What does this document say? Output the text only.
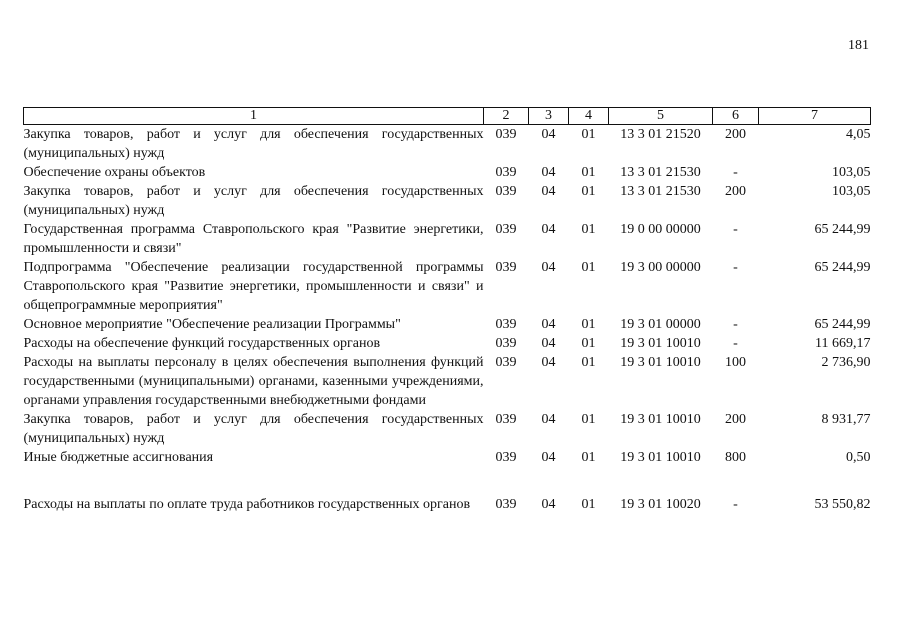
181
1	2	3	4	5	6	7
Закупка товаров, работ и услуг для обеспечения государственных (муниципальных) нужд	039	04	01	13 3 01 21520	200	4,05
Обеспечение охраны объектов	039	04	01	13 3 01 21530	-	103,05
Закупка товаров, работ и услуг для обеспечения государственных (муниципальных) нужд	039	04	01	13 3 01 21530	200	103,05
Государственная программа Ставропольского края "Развитие энергетики, промышленности и связи"	039	04	01	19 0 00 00000	-	65 244,99
Подпрограмма "Обеспечение реализации государственной программы Ставропольского края "Развитие энергетики, промышленности и связи" и общепрограммные мероприятия"	039	04	01	19 3 00 00000	-	65 244,99
Основное мероприятие "Обеспечение реализации Программы"	039	04	01	19 3 01 00000	-	65 244,99
Расходы на обеспечение функций государственных органов	039	04	01	19 3 01 10010	-	11 669,17
Расходы на выплаты персоналу в целях обеспечения выполнения функций государственными (муниципальными) органами, казенными учреждениями, органами управления государственными внебюджетными фондами	039	04	01	19 3 01 10010	100	2 736,90
Закупка товаров, работ и услуг для обеспечения государственных (муниципальных) нужд	039	04	01	19 3 01 10010	200	8 931,77
Иные бюджетные ассигнования	039	04	01	19 3 01 10010	800	0,50

Расходы на выплаты по оплате труда работников государственных органов	039	04	01	19 3 01 10020	-	53 550,82
